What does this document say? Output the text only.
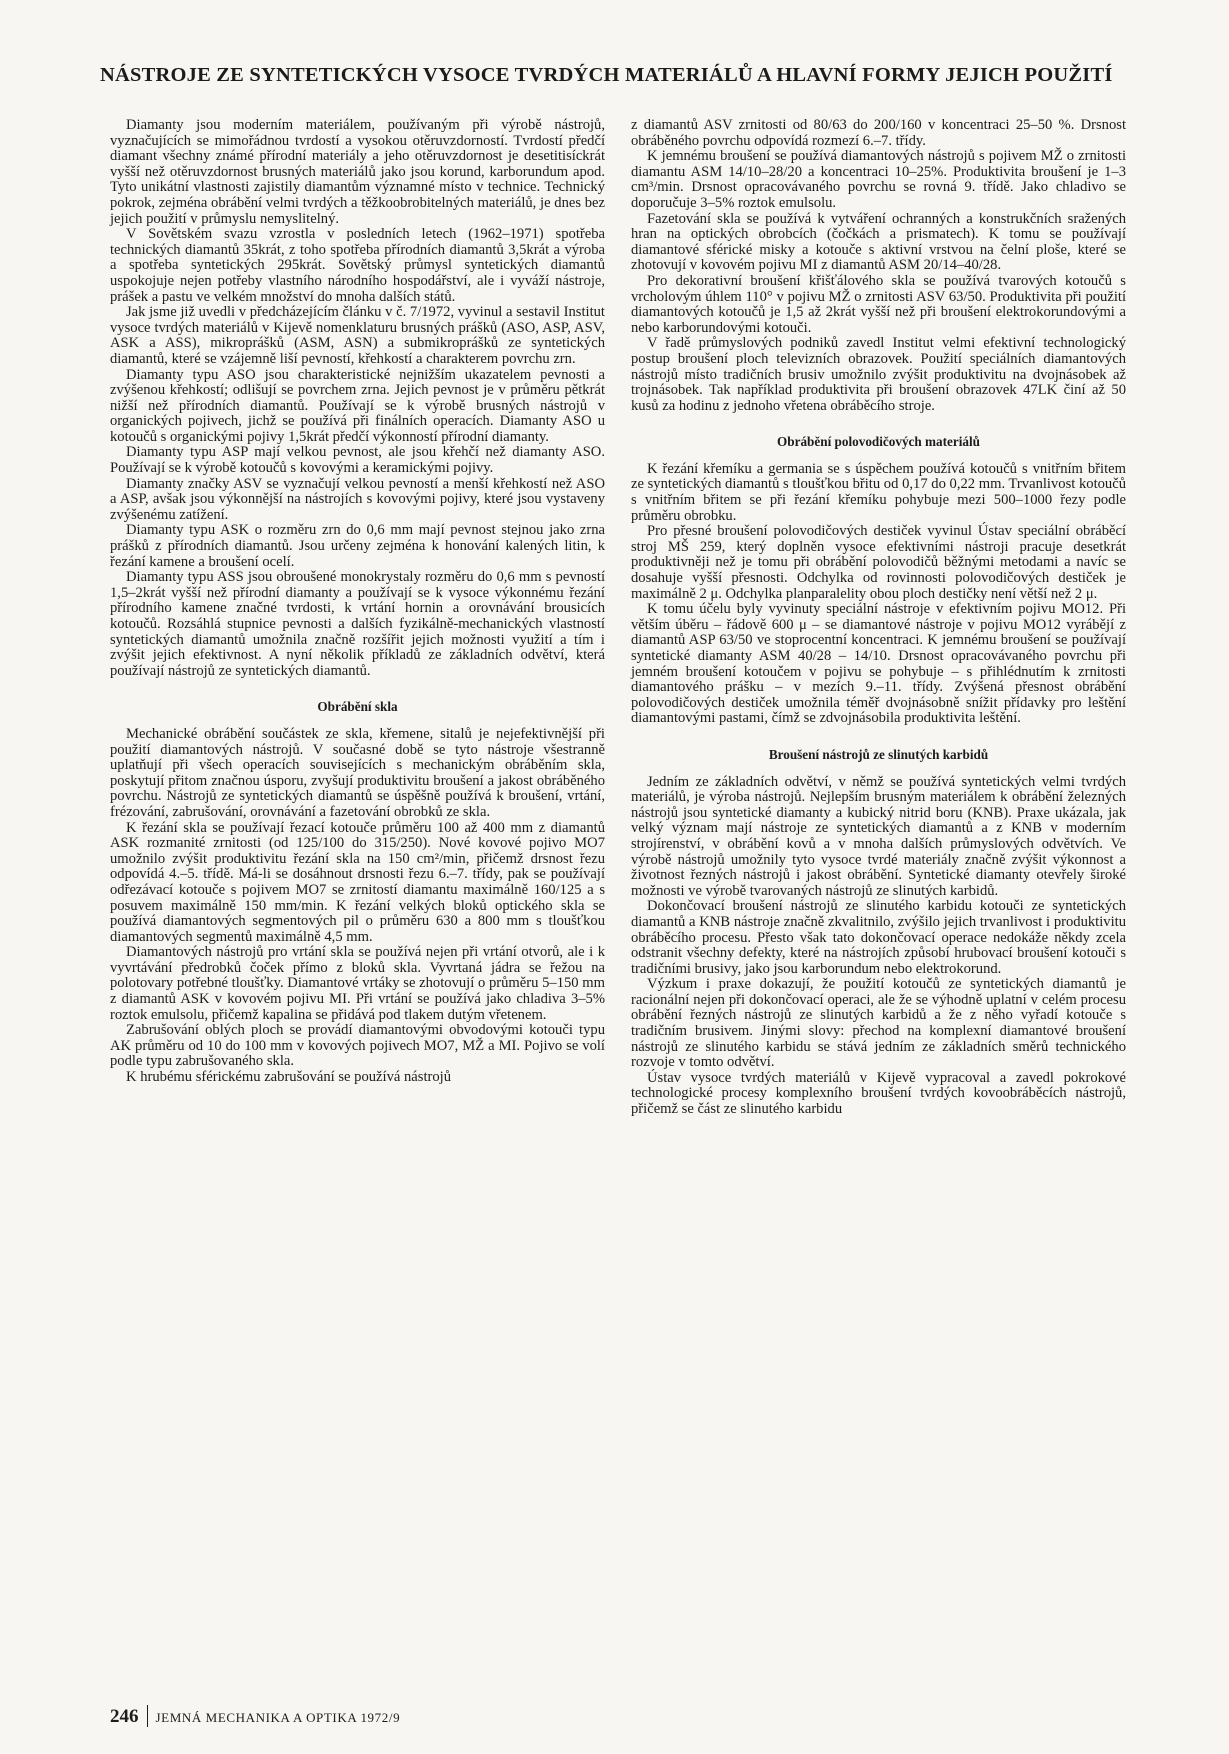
NÁSTROJE ZE SYNTETICKÝCH VYSOCE TVRDÝCH MATERIÁLŮ A HLAVNÍ FORMY JEJICH POUŽITÍ

Diamanty jsou moderním materiálem, používaným při výrobě nástrojů, vyznačujících se mimořádnou tvrdostí a vysokou otěruvzdorností. Tvrdostí předčí diamant všechny známé přírodní materiály a jeho otěruvzdornost je desetitisíckrát vyšší než otěruvzdornost brusných materiálů jako jsou korund, karborundum apod. Tyto unikátní vlastnosti zajistily diamantům významné místo v technice. Technický pokrok, zejména obrábění velmi tvrdých a těžkoobrobitelných materiálů, je dnes bez jejich použití v průmyslu nemyslitelný.

V Sovětském svazu vzrostla v posledních letech (1962–1971) spotřeba technických diamantů 35krát, z toho spotřeba přírodních diamantů 3,5krát a výroba a spotřeba syntetických 295krát. Sovětský průmysl syntetických diamantů uspokojuje nejen potřeby vlastního národního hospodářství, ale i vyváží nástroje, prášek a pastu ve velkém množství do mnoha dalších států.

Jak jsme již uvedli v předcházejícím článku v č. 7/1972, vyvinul a sestavil Institut vysoce tvrdých materiálů v Kijevě nomenklaturu brusných prášků (ASO, ASP, ASV, ASK a ASS), mikroprášků (ASM, ASN) a submikroprášků ze syntetických diamantů, které se vzájemně liší pevností, křehkostí a charakterem povrchu zrn.

Diamanty typu ASO jsou charakteristické nejnižším ukazatelem pevnosti a zvýšenou křehkostí; odlišují se povrchem zrna. Jejich pevnost je v průměru pětkrát nižší než přírodních diamantů. Používají se k výrobě brusných nástrojů v organických pojivech, jichž se používá při finálních operacích. Diamanty ASO u kotoučů s organickými pojivy 1,5krát předčí výkonností přírodní diamanty.

Diamanty typu ASP mají velkou pevnost, ale jsou křehčí než diamanty ASO. Používají se k výrobě kotoučů s kovovými a keramickými pojivy.

Diamanty značky ASV se vyznačují velkou pevností a menší křehkostí než ASO a ASP, avšak jsou výkonnější na nástrojích s kovovými pojivy, které jsou vystaveny zvýšenému zatížení.

Diamanty typu ASK o rozměru zrn do 0,6 mm mají pevnost stejnou jako zrna prášků z přírodních diamantů. Jsou určeny zejména k honování kalených litin, k řezání kamene a broušení ocelí.

Diamanty typu ASS jsou obroušené monokrystaly rozměru do 0,6 mm s pevností 1,5–2krát vyšší než přírodní diamanty a používají se k vysoce výkonnému řezání přírodního kamene značné tvrdosti, k vrtání hornin a orovnávání brousicích kotoučů. Rozsáhlá stupnice pevnosti a dalších fyzikálně-mechanických vlastností syntetických diamantů umožnila značně rozšířit jejich možnosti využití a tím i zvýšit jejich efektivnost. A nyní několik příkladů ze základních odvětví, která používají nástrojů ze syntetických diamantů.

Obrábění skla

Mechanické obrábění součástek ze skla, křemene, sitalů je nejefektivnější při použití diamantových nástrojů. V současné době se tyto nástroje všestranně uplatňují při všech operacích souvisejících s mechanickým obráběním skla, poskytují přitom značnou úsporu, zvyšují produktivitu broušení a jakost obráběného povrchu. Nástrojů ze syntetických diamantů se úspěšně používá k broušení, vrtání, frézování, zabrušování, orovnávání a fazetování obrobků ze skla.

K řezání skla se používají řezací kotouče průměru 100 až 400 mm z diamantů ASK rozmanité zrnitosti (od 125/100 do 315/250). Nové kovové pojivo MO7 umožnilo zvýšit produktivitu řezání skla na 150 cm²/min, přičemž drsnost řezu odpovídá 4.–5. třídě. Má-li se dosáhnout drsnosti řezu 6.–7. třídy, pak se používají odřezávací kotouče s pojivem MO7 se zrnitostí diamantu maximálně 160/125 a s posuvem maximálně 150 mm/min. K řezání velkých bloků optického skla se používá diamantových segmentových pil o průměru 630 a 800 mm s tloušťkou diamantových segmentů maximálně 4,5 mm.

Diamantových nástrojů pro vrtání skla se používá nejen při vrtání otvorů, ale i k vyvrtávání předrobků čoček přímo z bloků skla. Vyvrtaná jádra se řežou na polotovary potřebné tloušťky. Diamantové vrtáky se zhotovují o průměru 5–150 mm z diamantů ASK v kovovém pojivu MI. Při vrtání se používá jako chladiva 3–5% roztok emulsolu, přičemž kapalina se přidává pod tlakem dutým vřetenem.

Zabrušování oblých ploch se provádí diamantovými obvodovými kotouči typu AK průměru od 10 do 100 mm v kovových pojivech MO7, MŽ a MI. Pojivo se volí podle typu zabrušovaného skla.

K hrubému sférickému zabrušování se používá nástrojů

z diamantů ASV zrnitosti od 80/63 do 200/160 v koncentraci 25–50 %. Drsnost obráběného povrchu odpovídá rozmezí 6.–7. třídy.

K jemnému broušení se používá diamantových nástrojů s pojivem MŽ o zrnitosti diamantu ASM 14/10–28/20 a koncentraci 10–25%. Produktivita broušení je 1–3 cm³/min. Drsnost opracovávaného povrchu se rovná 9. třídě. Jako chladivo se doporučuje 3–5% roztok emulsolu.

Fazetování skla se používá k vytváření ochranných a konstrukčních sražených hran na optických obrobcích (čočkách a prismatech). K tomu se používají diamantové sférické misky a kotouče s aktivní vrstvou na čelní ploše, které se zhotovují v kovovém pojivu MI z diamantů ASM 20/14–40/28.

Pro dekorativní broušení křišťálového skla se používá tvarových kotoučů s vrcholovým úhlem 110° v pojivu MŽ o zrnitosti ASV 63/50. Produktivita při použití diamantových kotoučů je 1,5 až 2krát vyšší než při broušení elektrokorundovými a nebo karborundovými kotouči.

V řadě průmyslových podniků zavedl Institut velmi efektivní technologický postup broušení ploch televizních obrazovek. Použití speciálních diamantových nástrojů místo tradičních brusiv umožnilo zvýšit produktivitu na dvojnásobek až trojnásobek. Tak například produktivita při broušení obrazovek 47LK činí až 50 kusů za hodinu z jednoho vřetena obráběcího stroje.

Obrábění polovodičových materiálů

K řezání křemíku a germania se s úspěchem používá kotoučů s vnitřním břitem ze syntetických diamantů s tloušťkou břitu od 0,17 do 0,22 mm. Trvanlivost kotoučů s vnitřním břitem se při řezání křemíku pohybuje mezi 500–1000 řezy podle průměru obrobku.

Pro přesné broušení polovodičových destiček vyvinul Ústav speciální obráběcí stroj MŠ 259, který doplněn vysoce efektivními nástroji pracuje desetkrát produktivněji než je tomu při obrábění polovodičů běžnými metodami a navíc se dosahuje vyšší přesnosti. Odchylka od rovinnosti polovodičových destiček je maximálně 2 μ. Odchylka planparalelity obou ploch destičky není větší než 2 μ.

K tomu účelu byly vyvinuty speciální nástroje v efektivním pojivu MO12. Při větším úběru – řádově 600 μ – se diamantové nástroje v pojivu MO12 vyrábějí z diamantů ASP 63/50 ve stoprocentní koncentraci. K jemnému broušení se používají syntetické diamanty ASM 40/28 – 14/10. Drsnost opracovávaného povrchu při jemném broušení kotoučem v pojivu se pohybuje – s přihlédnutím k zrnitosti diamantového prášku – v mezích 9.–11. třídy. Zvýšená přesnost obrábění polovodičových destiček umožnila téměř dvojnásobně snížit přídavky pro leštění diamantovými pastami, čímž se zdvojnásobila produktivita leštění.

Broušení nástrojů ze slinutých karbidů

Jedním ze základních odvětví, v němž se používá syntetických velmi tvrdých materiálů, je výroba nástrojů. Nejlepším brusným materiálem k obrábění železných nástrojů jsou syntetické diamanty a kubický nitrid boru (KNB). Praxe ukázala, jak velký význam mají nástroje ze syntetických diamantů a z KNB v moderním strojírenství, v obrábění kovů a v mnoha dalších průmyslových odvětvích. Ve výrobě nástrojů umožnily tyto vysoce tvrdé materiály značně zvýšit výkonnost a životnost řezných nástrojů i jakost obrábění. Syntetické diamanty otevřely široké možnosti ve výrobě tvarovaných nástrojů ze slinutých karbidů.

Dokončovací broušení nástrojů ze slinutého karbidu kotouči ze syntetických diamantů a KNB nástroje značně zkvalitnilo, zvýšilo jejich trvanlivost i produktivitu obráběcího procesu. Přesto však tato dokončovací operace nedokáže někdy zcela odstranit všechny defekty, které na nástrojích způsobí hrubovací broušení kotouči s tradičními brusivy, jako jsou karborundum nebo elektrokorund.

Výzkum i praxe dokazují, že použití kotoučů ze syntetických diamantů je racionální nejen při dokončovací operaci, ale že se výhodně uplatní v celém procesu obrábění řezných nástrojů ze slinutých karbidů a že z něho vyřadí kotouče s tradičním brusivem. Jinými slovy: přechod na komplexní diamantové broušení nástrojů ze slinutého karbidu se stává jedním ze základních směrů technického rozvoje v tomto odvětví.

Ústav vysoce tvrdých materiálů v Kijevě vypracoval a zavedl pokrokové technologické procesy komplexního broušení tvrdých kovoobráběcích nástrojů, přičemž se část ze slinutého karbidu

246 JEMNÁ MECHANIKA A OPTIKA 1972/9
